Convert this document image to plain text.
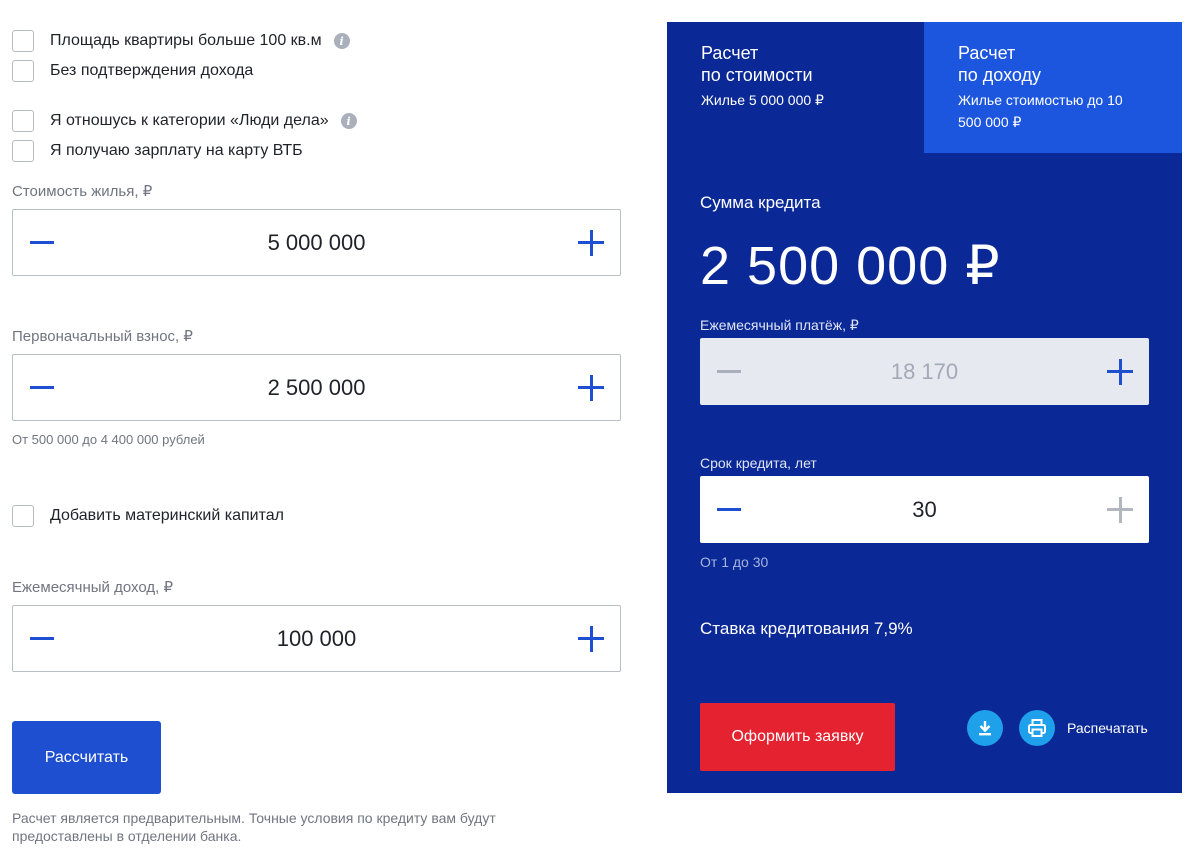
Площадь квартиры больше 100 кв.м	i
Без подтверждения дохода
Я отношусь к категории «Люди дела»	i
Я получаю зарплату на карту ВТБ
Стоимость жилья, ₽
5 000 000
Первоначальный взнос, ₽
2 500 000
От 500 000 до 4 400 000 рублей
Добавить материнский капитал
Ежемесячный доход, ₽
100 000
Рассчитать
Расчет является предварительным. Точные условия по кредиту вам будут предоставлены в отделении банка.
Расчет
по стоимости
Жилье 5 000 000 ₽
Расчет
по доходу
Жилье стоимостью до 10 500 000 ₽
Сумма кредита
2 500 000 ₽
Ежемесячный платёж, ₽
18 170
Срок кредита, лет
30
От 1 до 30
Ставка кредитования 7,9%
Оформить заявку	Распечатать
